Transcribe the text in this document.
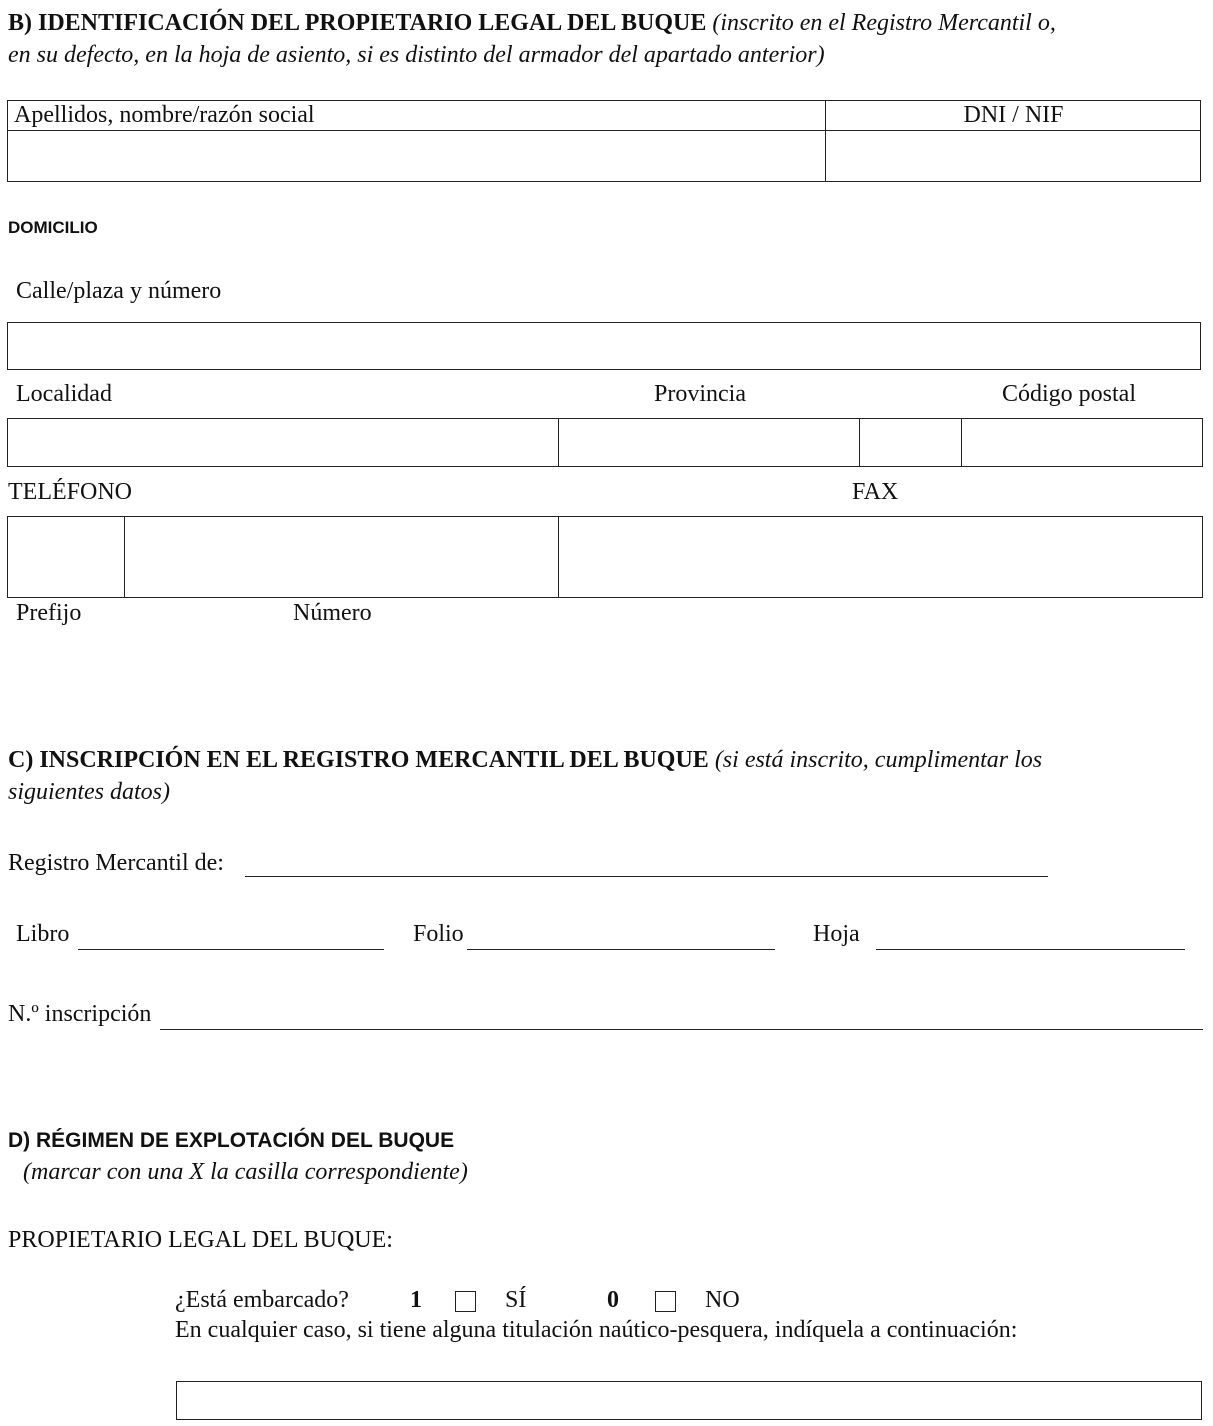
B) IDENTIFICACIÓN DEL PROPIETARIO LEGAL DEL BUQUE (inscrito en el Registro Mercantil o,
en su defecto, en la hoja de asiento, si es distinto del armador del apartado anterior)
Apellidos, nombre/razón social	DNI / NIF
DOMICILIO
Calle/plaza y número
Localidad	Provincia	Código postal
TELÉFONO	FAX
Prefijo	Número
C) INSCRIPCIÓN EN EL REGISTRO MERCANTIL DEL BUQUE (si está inscrito, cumplimentar los
siguientes datos)
Registro Mercantil de:
Libro	Folio	Hoja
N.º inscripción
D) RÉGIMEN DE EXPLOTACIÓN DEL BUQUE
(marcar con una X la casilla correspondiente)
PROPIETARIO LEGAL DEL BUQUE:
¿Está embarcado?	1	SÍ	0	NO
En cualquier caso, si tiene alguna titulación naútico-pesquera, indíquela a continuación:
